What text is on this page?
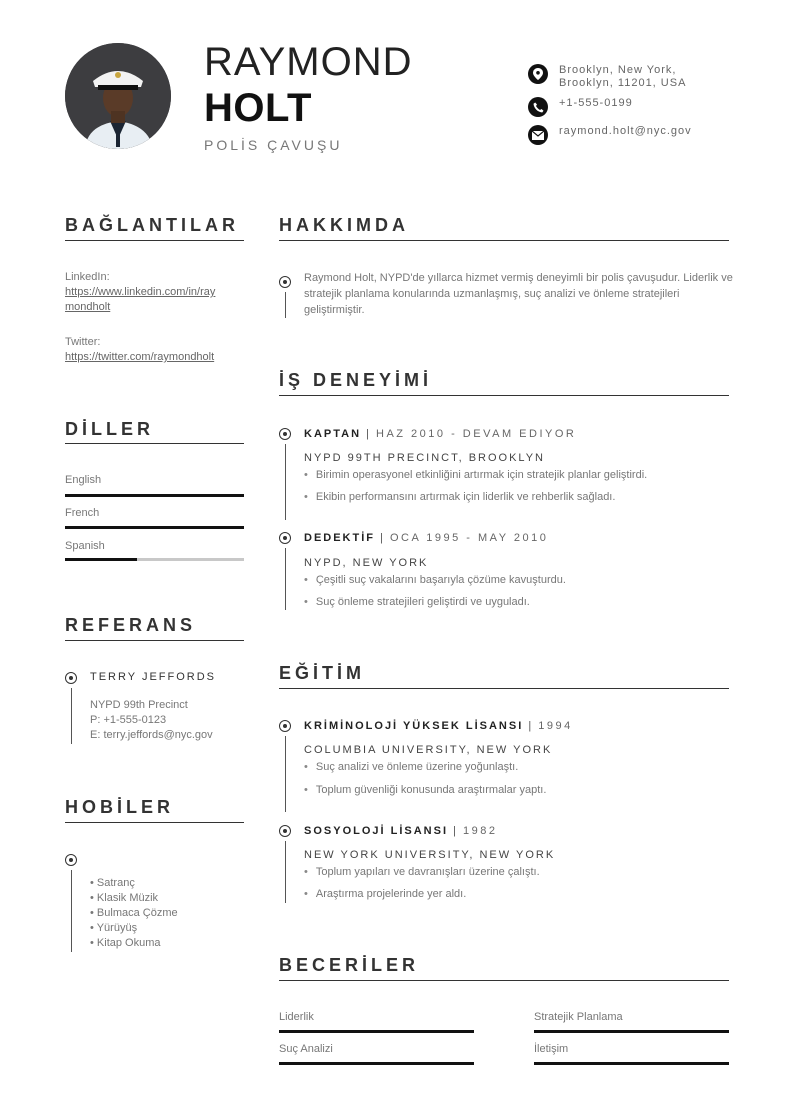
RAYMOND
HOLT
POLİS ÇAVUŞU
Brooklyn, New York,
Brooklyn, 11201, USA
+1-555-0199
raymond.holt@nyc.gov
BAĞLANTILAR
LinkedIn:
https://www.linkedin.com/in/ray
mondholt
Twitter:
https://twitter.com/raymondholt
DİLLER
English
French
Spanish
REFERANS
TERRY JEFFORDS
NYPD 99th Precinct
P: +1-555-0123
E: terry.jeffords@nyc.gov
HOBİLER
• Satranç
• Klasik Müzik
• Bulmaca Çözme
• Yürüyüş
• Kitap Okuma
HAKKIMDA
Raymond Holt, NYPD'de yıllarca hizmet vermiş deneyimli bir polis çavuşudur. Liderlik ve stratejik planlama konularında uzmanlaşmış, suç analizi ve önleme stratejileri geliştirmiştir.
İŞ DENEYİMİ
KAPTAN | HAZ 2010 - DEVAM EDIYOR
NYPD 99TH PRECINCT, BROOKLYN
• Birimin operasyonel etkinliğini artırmak için stratejik planlar geliştirdi.
• Ekibin performansını artırmak için liderlik ve rehberlik sağladı.
DEDEKTİF | OCA 1995 - MAY 2010
NYPD, NEW YORK
• Çeşitli suç vakalarını başarıyla çözüme kavuşturdu.
• Suç önleme stratejileri geliştirdi ve uyguladı.
EĞİTİM
KRİMİNOLOJİ YÜKSEK LİSANSI | 1994
COLUMBIA UNIVERSITY, NEW YORK
• Suç analizi ve önleme üzerine yoğunlaştı.
• Toplum güvenliği konusunda araştırmalar yaptı.
SOSYOLOJİ LİSANSI | 1982
NEW YORK UNIVERSITY, NEW YORK
• Toplum yapıları ve davranışları üzerine çalıştı.
• Araştırma projelerinde yer aldı.
BECERİLER
Liderlik	Stratejik Planlama
Suç Analizi	İletişim
